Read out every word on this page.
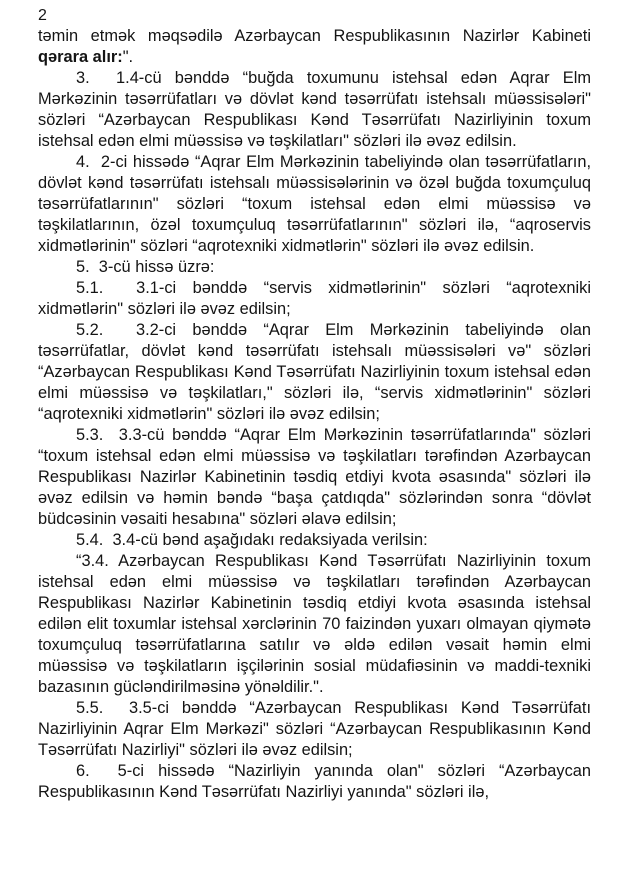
2

təmin etmək məqsədilə Azərbaycan Respublikasının Nazirlər Kabineti qərara alır:".

3.  1.4-cü bənddə “buğda toxumunu istehsal edən Aqrar Elm Mərkəzinin təsərrüfatları və dövlət kənd təsərrüfatı istehsalı müəssisələri" sözləri “Azərbaycan Respublikası Kənd Təsərrüfatı Nazirliyinin toxum istehsal edən elmi müəssisə və təşkilatları" sözləri ilə əvəz edilsin.

4.  2-ci hissədə “Aqrar Elm Mərkəzinin tabeliyində olan təsərrüfatların, dövlət kənd təsərrüfatı istehsalı müəssisələrinin və özəl buğda toxumçuluq təsərrüfatlarının" sözləri “toxum istehsal edən elmi müəssisə və təşkilatlarının, özəl toxumçuluq təsərrüfatlarının" sözləri ilə, “aqroservis xidmətlərinin" sözləri “aqrotexniki xidmətlərin" sözləri ilə əvəz edilsin.

5.  3-cü hissə üzrə:

5.1.  3.1-ci bənddə “servis xidmətlərinin" sözləri “aqrotexniki xidmətlərin" sözləri ilə əvəz edilsin;

5.2.  3.2-ci bənddə “Aqrar Elm Mərkəzinin tabeliyində olan təsərrüfatlar, dövlət kənd təsərrüfatı istehsalı müəssisələri və" sözləri “Azərbaycan Respublikası Kənd Təsərrüfatı Nazirliyinin toxum istehsal edən elmi müəssisə və təşkilatları," sözləri ilə, “servis xidmətlərinin" sözləri “aqrotexniki xidmətlərin" sözləri ilə əvəz edilsin;

5.3.  3.3-cü bənddə “Aqrar Elm Mərkəzinin təsərrüfatlarında" sözləri “toxum istehsal edən elmi müəssisə və təşkilatları tərəfindən Azərbaycan Respublikası Nazirlər Kabinetinin təsdiq etdiyi kvota əsasında" sözləri ilə əvəz edilsin və həmin bəndə “başa çatdıqda" sözlərindən sonra “dövlət büdcəsinin vəsaiti hesabına" sözləri əlavə edilsin;

5.4.  3.4-cü bənd aşağıdakı redaksiyada verilsin:

“3.4. Azərbaycan Respublikası Kənd Təsərrüfatı Nazirliyinin toxum istehsal edən elmi müəssisə və təşkilatları tərəfindən Azərbaycan Respublikası Nazirlər Kabinetinin təsdiq etdiyi kvota əsasında istehsal edilən elit toxumlar istehsal xərclərinin 70 faizindən yuxarı olmayan qiymətə toxumçuluq təsərrüfatlarına satılır və əldə edilən vəsait həmin elmi müəssisə və təşkilatların işçilərinin sosial müdafiəsinin və maddi-texniki bazasının gücləndirilməsinə yönəldilir.".

5.5.  3.5-ci bənddə “Azərbaycan Respublikası Kənd Təsərrüfatı Nazirliyinin Aqrar Elm Mərkəzi" sözləri “Azərbaycan Respublikasının Kənd Təsərrüfatı Nazirliyi" sözləri ilə əvəz edilsin;

6.  5-ci hissədə “Nazirliyin yanında olan" sözləri “Azərbaycan Respublikasının Kənd Təsərrüfatı Nazirliyi yanında" sözləri ilə,
